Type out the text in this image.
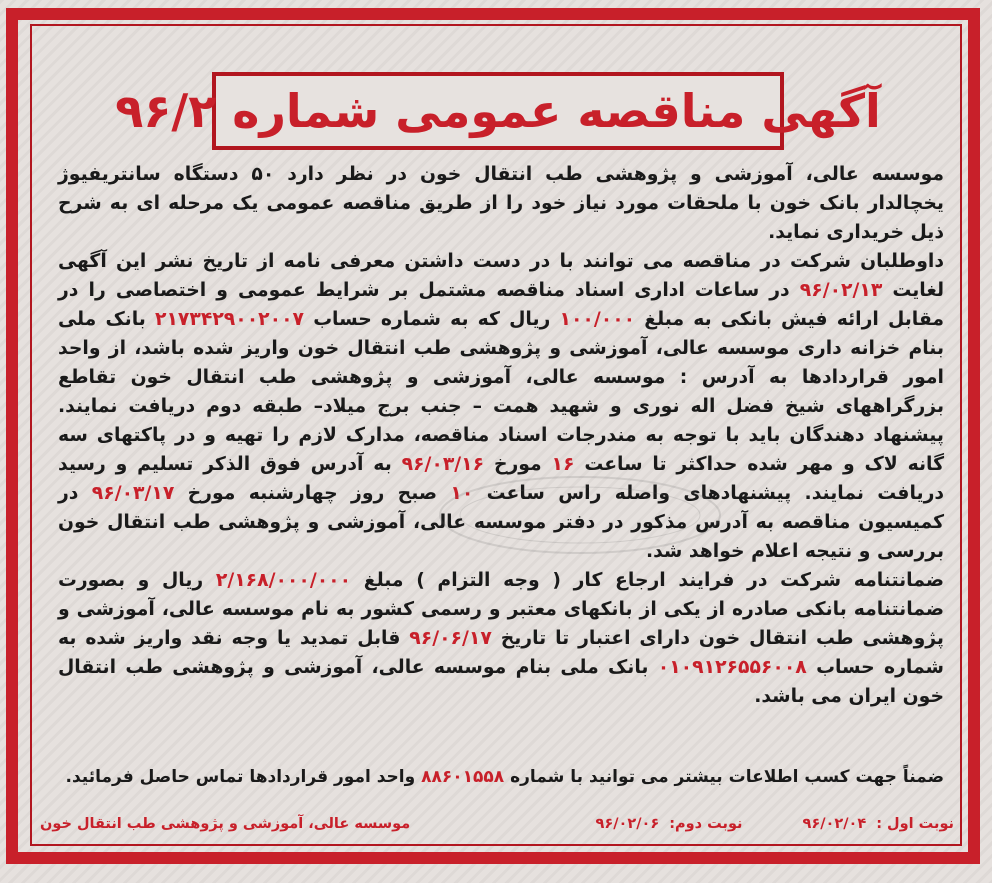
آگهی مناقصه عمومی شماره ۹۶/۲

موسسه عالی، آموزشی و پژوهشی طب انتقال خون در نظر دارد ۵۰ دستگاه سانتریفیوژ یخچالدار بانک خون با ملحقات مورد نیاز خود را از طریق مناقصه عمومی یک مرحله ای به شرح ذیل خریداری نماید.

داوطلبان شرکت در مناقصه می توانند با در دست داشتن معرفی نامه از تاریخ نشر این آگهی لغایت ۹۶/۰۲/۱۳ در ساعات اداری اسناد مناقصه مشتمل بر شرایط عمومی و اختصاصی را در مقابل ارائه فیش بانکی به مبلغ ۱۰۰/۰۰۰ ریال که به شماره حساب ۲۱۷۳۴۲۹۰۰۲۰۰۷ بانک ملی بنام خزانه داری موسسه عالی، آموزشی و پژوهشی طب انتقال خون واریز شده باشد، از واحد امور قراردادها به آدرس : موسسه عالی، آموزشی و پژوهشی طب انتقال خون تقاطع بزرگراههای شیخ فضل اله نوری و شهید همت – جنب برج میلاد– طبقه دوم دریافت نمایند. پیشنهاد دهندگان باید با توجه به مندرجات اسناد مناقصه، مدارک لازم را تهیه و در پاکتهای سه گانه لاک و مهر شده حداکثر تا ساعت ۱۶ مورخ ۹۶/۰۳/۱۶ به آدرس فوق الذکر تسلیم و رسید دریافت نمایند. پیشنهادهای واصله راس ساعت ۱۰ صبح روز چهارشنبه مورخ ۹۶/۰۳/۱۷ در کمیسیون مناقصه به آدرس مذکور در دفتر موسسه عالی، آموزشی و پژوهشی طب انتقال خون بررسی و نتیجه اعلام خواهد شد.

ضمانتنامه شرکت در فرایند ارجاع کار ( وجه التزام ) مبلغ ۲/۱۶۸/۰۰۰/۰۰۰ ریال و بصورت ضمانتنامه بانکی صادره از یکی از بانکهای معتبر و رسمی کشور به نام موسسه عالی، آموزشی و پژوهشی طب انتقال خون دارای اعتبار تا تاریخ ۹۶/۰۶/۱۷ قابل تمدید یا وجه نقد واریز شده به شماره حساب ۰۱۰۹۱۲۶۵۵۶۰۰۸ بانک ملی بنام موسسه عالی، آموزشی و پژوهشی طب انتقال خون ایران می باشد.

ضمناً جهت کسب اطلاعات بیشتر می توانید با شماره ۸۸۶۰۱۵۵۸ واحد امور قراردادها تماس حاصل فرمائید.
نوبت اول :
۹۶/۰۲/۰۴
نوبت دوم:
۹۶/۰۲/۰۶
موسسه عالی، آموزشی و پژوهشی طب انتقال خون
